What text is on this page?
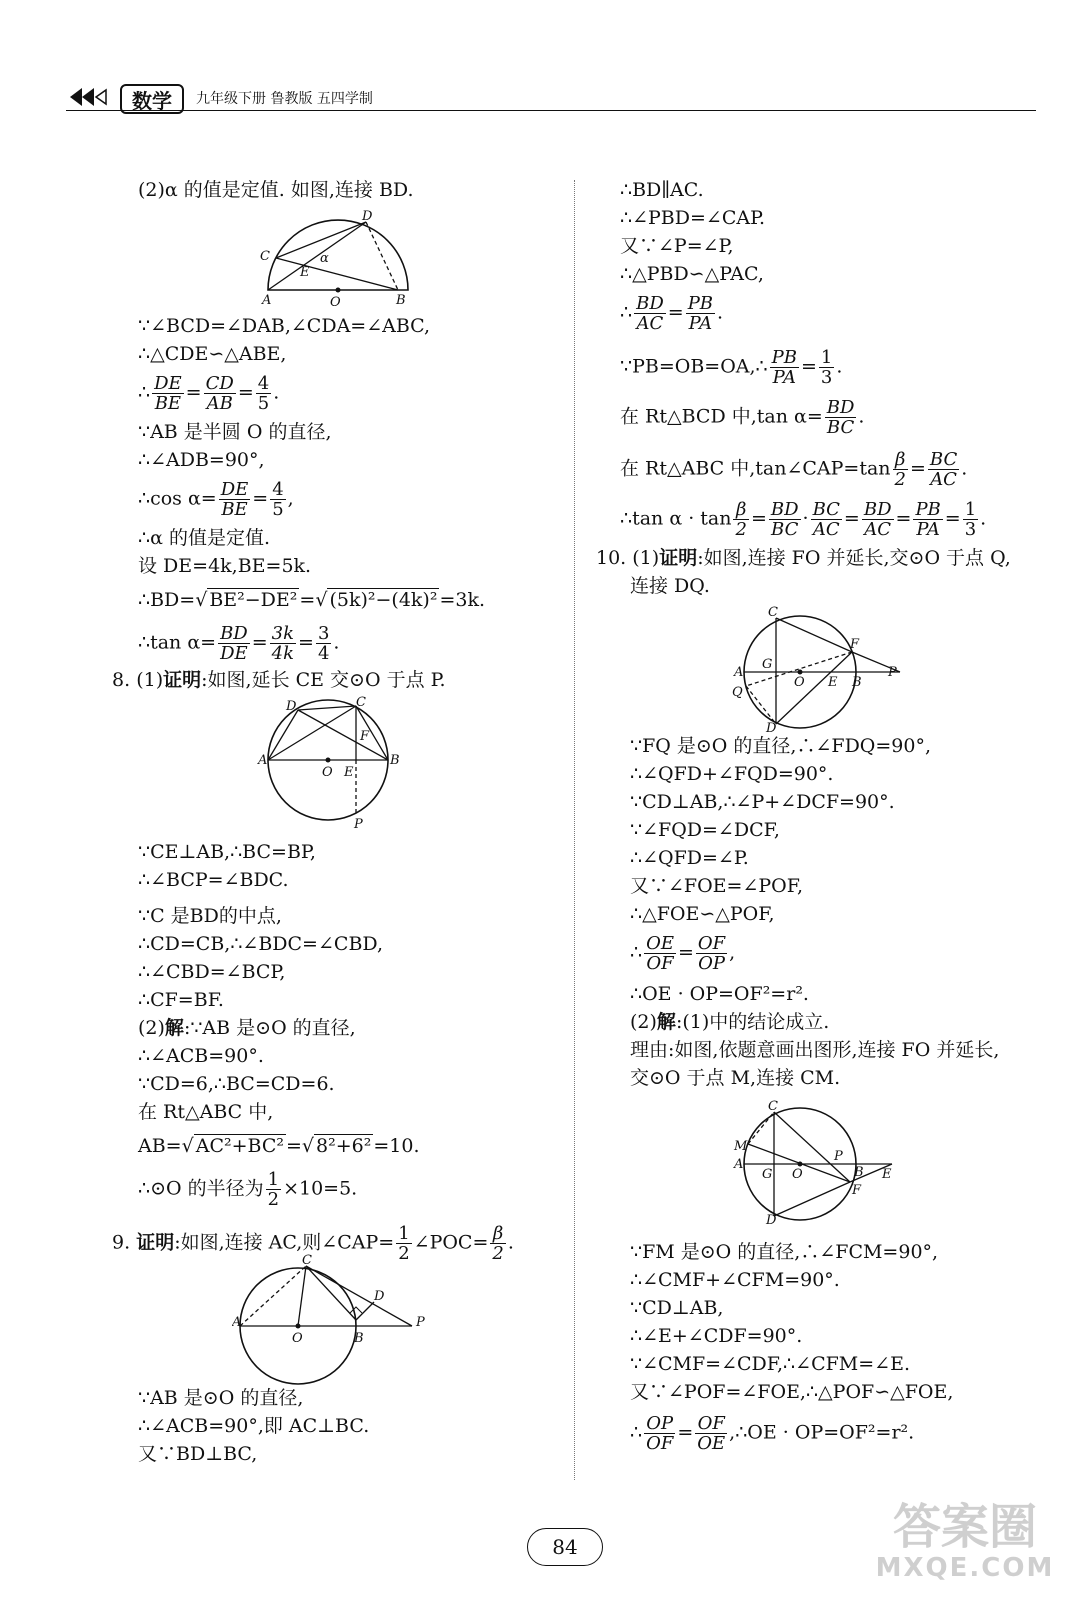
数学	九年级下册 鲁教版 五四学制
(2)α 的值是定值. 如图,连接 BD.
C
D
E
α
A	O	B
∵∠BCD=∠DAB,∠CDA=∠ABC,
∴△CDE∽△ABE,
∴ $\frac{DE}{BE} = \frac{CD}{AB} = \frac{4}{5}$ .
∵AB 是半圆 O 的直径,
∴∠ADB=90°,
∴cos $\alpha= \frac{DE}{BE} = \frac{4}{5}$ ,
∴α 的值是定值.
设 DE=4k,BE=5k.
∴BD=√ BE²−DE² =√ (5k)²−(4k)² =3k.
∴tan $\alpha= \frac{BD}{DE} = \frac{3k}{4k} = \frac{3}{4}$ .
8. (1)证明:如图,延长 CE 交⊙O 于点 P.
D	C
F
A
O E
B
P
∵CE⊥AB,∴BC=BP,
∴∠BCP=∠BDC.
∵C 是BD的中点,
∴CD=CB,∴∠BDC=∠CBD,
∴∠CBD=∠BCP,
∴CF=BF.
(2)解:∵AB 是⊙O 的直径,
∴∠ACB=90°.
∵CD=6,∴BC=CD=6.
在 Rt△ABC 中,
AB=√ AC²+BC² =√ 8²+6² =10.
∴⊙O 的半径为 $\frac{1}{2} \times 10=5$.
9. 证明:如图,连接 AC,则∠CAP= $\frac{1}{2}$ ∠POC= $\frac{\beta}{2}$ .
C
D
A
O	B
P
∵AB 是⊙O 的直径,
∴∠ACB=90°,即 AC⊥BC.
又∵BD⊥BC,
∴BD∥AC.
∴∠PBD=∠CAP.
又∵∠P=∠P,
∴△PBD∽△PAC,
∴ $\frac{BD}{AC} = \frac{PB}{PA}$ .
∵PB=OB=OA,∴ $\frac{PB}{PA} = \frac{1}{3}$ .
在 Rt△BCD 中,tan $\alpha= \frac{BD}{BC}$ .
在 Rt△ABC 中,tan∠CAP=tan $\frac{\beta}{2} = \frac{BC}{AC}$ .
∴tan $\alpha \cdot \tan \frac{\beta}{2} = \frac{BD}{BC} \cdot \frac{BC}{AC} = \frac{BD}{AC} = \frac{PB}{PA} = \frac{1}{3}$ .
10. (1)证明:如图,连接 FO 并延长,交⊙O 于点 Q,
连接 DQ.
C
G
F
A
O E B
P
Q
D
∵FQ 是⊙O 的直径,∴∠FDQ=90°,
∴∠QFD+∠FQD=90°.
∵CD⊥AB,∴∠P+∠DCF=90°.
∵∠FQD=∠DCF,
∴∠QFD=∠P.
又∵∠FOE=∠POF,
∴△FOE∽△POF,
∴ $\frac{OE}{OF} = \frac{OF}{OP}$ ,
∴OE · OP=OF²=r².
(2)解:(1)中的结论成立.
理由:如图,依题意画出图形,连接 FO 并延长,
交⊙O 于点 M,连接 CM.
C
M
A
G O
P
B E
F
D
∵FM 是⊙O 的直径,∴∠FCM=90°,
∴∠CMF+∠CFM=90°.
∵CD⊥AB,
∴∠E+∠CDF=90°.
∵∠CMF=∠CDF,∴∠CFM=∠E.
又∵∠POF=∠FOE,∴△POF∽△FOE,
∴ $\frac{OP}{OF} = \frac{OF}{OE}$ ,∴OE · OP=OF²=r².
84	答案圈
MXQE.COM
